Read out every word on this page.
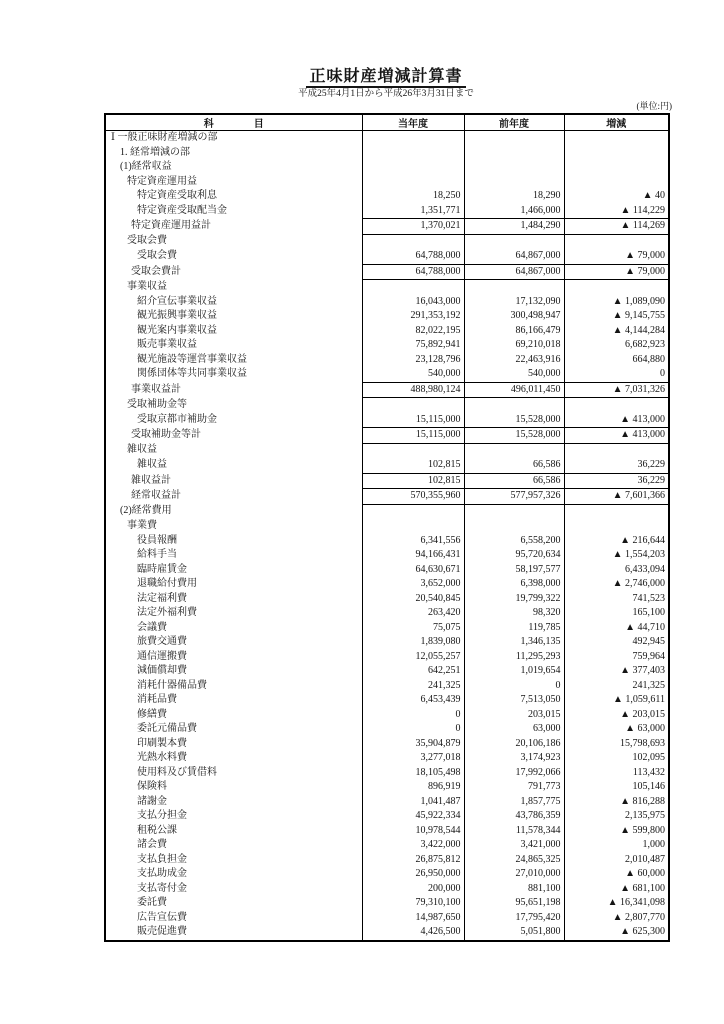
正味財産増減計算書
平成25年4月1日から平成26年3月31日まで
(単位:円)
科　　　　目	当年度	前年度	増減
Ⅰ 一般正味財産増減の部			
1. 経常増減の部			
(1)経常収益			
特定資産運用益			
特定資産受取利息	18,250	18,290	▲ 40
特定資産受取配当金	1,351,771	1,466,000	▲ 114,229
特定資産運用益計	1,370,021	1,484,290	▲ 114,269
受取会費			
受取会費	64,788,000	64,867,000	▲ 79,000
受取会費計	64,788,000	64,867,000	▲ 79,000
事業収益			
紹介宣伝事業収益	16,043,000	17,132,090	▲ 1,089,090
観光振興事業収益	291,353,192	300,498,947	▲ 9,145,755
観光案内事業収益	82,022,195	86,166,479	▲ 4,144,284
販売事業収益	75,892,941	69,210,018	6,682,923
観光施設等運営事業収益	23,128,796	22,463,916	664,880
関係団体等共同事業収益	540,000	540,000	0
事業収益計	488,980,124	496,011,450	▲ 7,031,326
受取補助金等			
受取京都市補助金	15,115,000	15,528,000	▲ 413,000
受取補助金等計	15,115,000	15,528,000	▲ 413,000
雑収益			
雑収益	102,815	66,586	36,229
雑収益計	102,815	66,586	36,229
経常収益計	570,355,960	577,957,326	▲ 7,601,366
(2)経常費用			
事業費			
役員報酬	6,341,556	6,558,200	▲ 216,644
給料手当	94,166,431	95,720,634	▲ 1,554,203
臨時雇賃金	64,630,671	58,197,577	6,433,094
退職給付費用	3,652,000	6,398,000	▲ 2,746,000
法定福利費	20,540,845	19,799,322	741,523
法定外福利費	263,420	98,320	165,100
会議費	75,075	119,785	▲ 44,710
旅費交通費	1,839,080	1,346,135	492,945
通信運搬費	12,055,257	11,295,293	759,964
減価償却費	642,251	1,019,654	▲ 377,403
消耗什器備品費	241,325	0	241,325
消耗品費	6,453,439	7,513,050	▲ 1,059,611
修繕費	0	203,015	▲ 203,015
委託元備品費	0	63,000	▲ 63,000
印刷製本費	35,904,879	20,106,186	15,798,693
光熱水料費	3,277,018	3,174,923	102,095
使用料及び賃借料	18,105,498	17,992,066	113,432
保険料	896,919	791,773	105,146
諸謝金	1,041,487	1,857,775	▲ 816,288
支払分担金	45,922,334	43,786,359	2,135,975
租税公課	10,978,544	11,578,344	▲ 599,800
諸会費	3,422,000	3,421,000	1,000
支払負担金	26,875,812	24,865,325	2,010,487
支払助成金	26,950,000	27,010,000	▲ 60,000
支払寄付金	200,000	881,100	▲ 681,100
委託費	79,310,100	95,651,198	▲ 16,341,098
広告宣伝費	14,987,650	17,795,420	▲ 2,807,770
販売促進費	4,426,500	5,051,800	▲ 625,300
